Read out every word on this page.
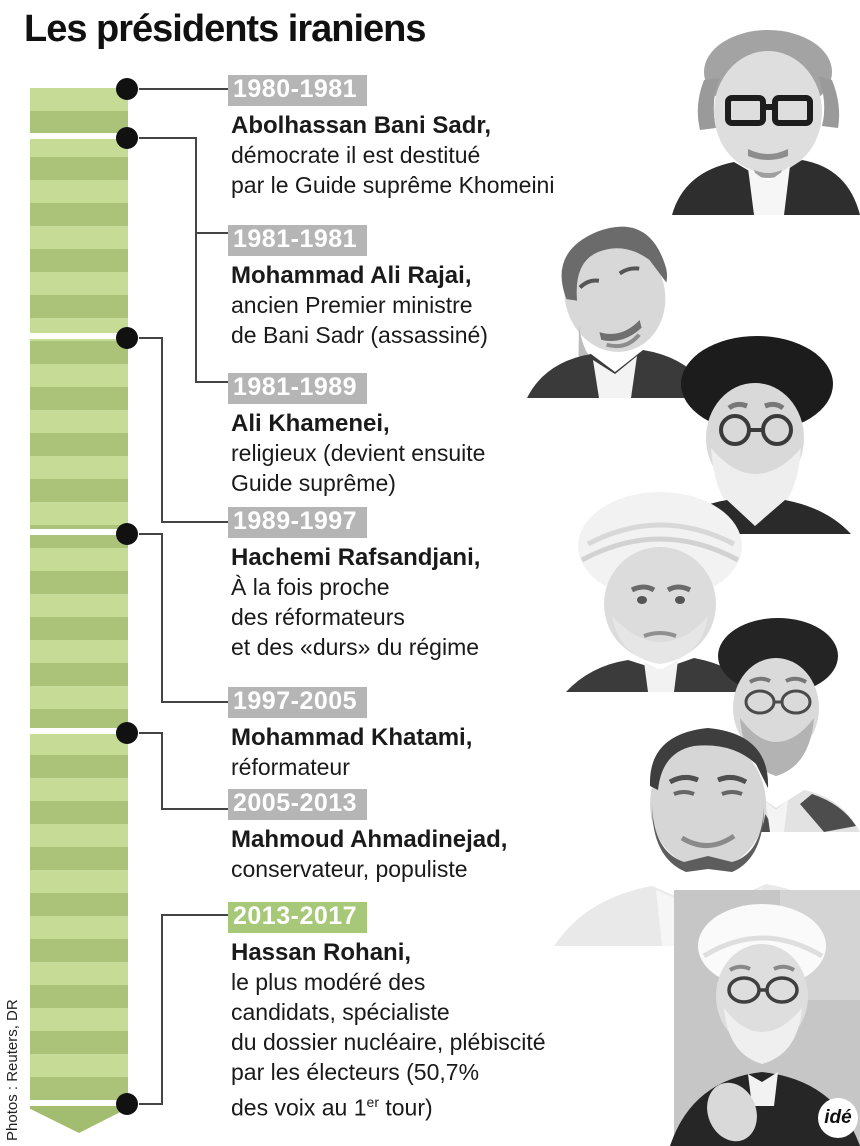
Les présidents iraniens
1980-1981
Abolhassan Bani Sadr,
démocrate il est destitué
par le Guide suprême Khomeini
1981-1981
Mohammad Ali Rajai,
ancien Premier ministre
de Bani Sadr (assassiné)
1981-1989
Ali Khamenei,
religieux (devient ensuite
Guide suprême)
1989-1997
Hachemi Rafsandjani,
À la fois proche
des réformateurs
et des «durs» du régime
1997-2005
Mohammad Khatami,
réformateur
2005-2013
Mahmoud Ahmadinejad,
conservateur, populiste
2013-2017
Hassan Rohani,
le plus modéré des
candidats, spécialiste
du dossier nucléaire, plébiscité
par les électeurs (50,7%
des voix au 1er tour)
Photos : Reuters, DR	idé
